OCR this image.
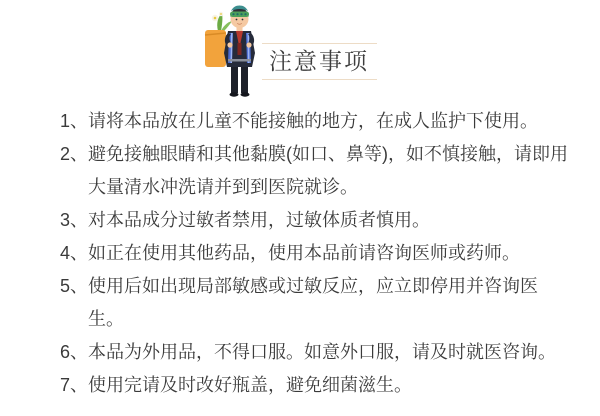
注意事项
1、 请将本品放在儿童不能接触的地方，在成人监护下使用。
2、 避免接触眼睛和其他黏膜(如口、鼻等)，如不慎接触，请即用
大量清水冲洗请并到到医院就诊。
3、 对本品成分过敏者禁用，过敏体质者慎用。
4、 如正在使用其他药品，使用本品前请咨询医师或药师。
5、 使用后如出现局部敏感或过敏反应，应立即停用并咨询医生。
6、 本品为外用品，不得口服。如意外口服，请及时就医咨询。
7、 使用完请及时改好瓶盖，避免细菌滋生。
